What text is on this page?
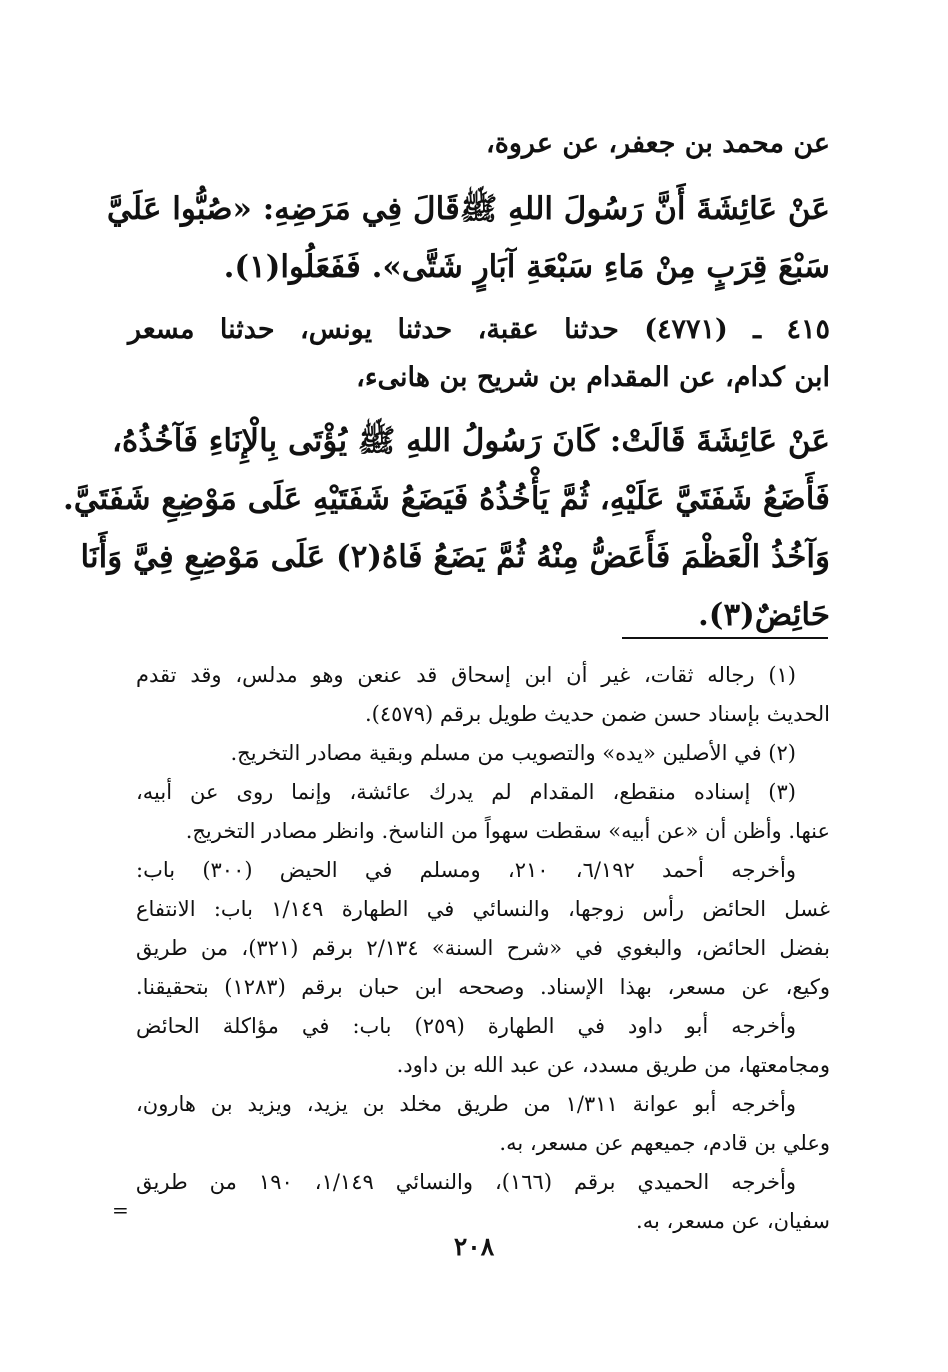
عن محمد بن جعفر، عن عروة،
عَنْ عَائِشَةَ أَنَّ رَسُولَ اللهِ ﷺقَالَ فِي مَرَضِهِ: «صُبُّوا عَلَيَّ
سَبْعَ قِرَبٍ مِنْ مَاءِ سَبْعَةِ آبَارٍ شَتَّى». فَفَعَلُوا(١).
٤١٥ ـ (٤٧٧١) حدثنا عقبة، حدثنا يونس، حدثنا مسعر
ابن كدام، عن المقدام بن شريح بن هانىء،
عَنْ عَائِشَةَ قَالَتْ: كَانَ رَسُولُ اللهِ ﷺ يُؤْتَى بِالْإِنَاءِ فَآخُذُهُ،
فَأَضَعُ شَفَتَيَّ عَلَيْهِ، ثُمَّ يَأْخُذُهُ فَيَضَعُ شَفَتَيْهِ عَلَى مَوْضِعِ شَفَتَيَّ.
وَآخُذُ الْعَظْمَ فَأَعَضُّ مِنْهُ ثُمَّ يَضَعُ فَاهُ(٢) عَلَى مَوْضِعِ فِيَّ وَأَنَا
حَائِضٌ(٣).
(١) رجاله ثقات، غير أن ابن إسحاق قد عنعن وهو مدلس، وقد تقدم
الحديث بإسناد حسن ضمن حديث طويل برقم (٤٥٧٩).
(٢) في الأصلين «يده» والتصويب من مسلم وبقية مصادر التخريج.
(٣) إسناده منقطع، المقدام لم يدرك عائشة، وإنما روى عن أبيه،
عنها. وأظن أن «عن أبيه» سقطت سهواً من الناسخ. وانظر مصادر التخريج.
وأخرجه أحمد ٦/١٩٢، ٢١٠، ومسلم في الحيض (٣٠٠) باب:
غسل الحائض رأس زوجها، والنسائي في الطهارة ١/١٤٩ باب: الانتفاع
بفضل الحائض، والبغوي في «شرح السنة» ٢/١٣٤ برقم (٣٢١)، من طريق
وكيع، عن مسعر، بهذا الإسناد. وصححه ابن حبان برقم (١٢٨٣) بتحقيقنا.
وأخرجه أبو داود في الطهارة (٢٥٩) باب: في مؤاكلة الحائض
ومجامعتها، من طريق مسدد، عن عبد الله بن داود.
وأخرجه أبو عوانة ١/٣١١ من طريق مخلد بن يزيد، ويزيد بن هارون،
وعلي بن قادم، جميعهم عن مسعر، به.
وأخرجه الحميدي برقم (١٦٦)، والنسائي ١/١٤٩، ١٩٠ من طريق
سفيان، عن مسعر، به.
=
٢٠٨
